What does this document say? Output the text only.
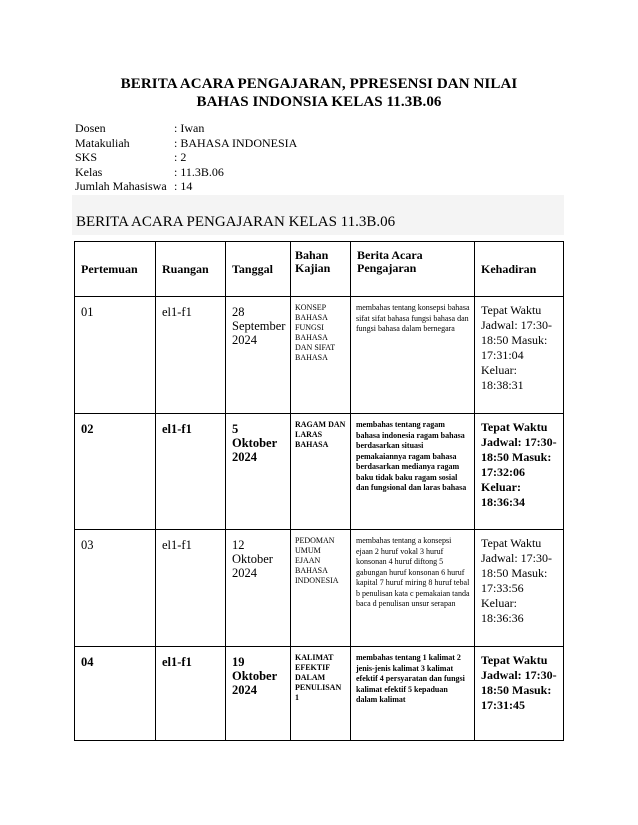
BERITA ACARA PENGAJARAN, PPRESENSI DAN NILAI
BAHAS INDONSIA KELAS 11.3B.06
Dosen	: Iwan
Matakuliah	: BAHASA INDONESIA
SKS	: 2
Kelas	: 11.3B.06
Jumlah Mahasiswa : 14
BERITA ACARA PENGAJARAN KELAS 11.3B.06
Pertemuan	Ruangan	Tanggal	Bahan Kajian	Berita Acara Pengajaran	Kehadiran
01	el1-f1	28 September 2024	KONSEP BAHASA FUNGSI BAHASA DAN SIFAT BAHASA	membahas tentang konsepsi bahasa sifat sifat bahasa fungsi bahasa dan fungsi bahasa dalam bernegara	Tepat Waktu Jadwal: 17:30-18:50 Masuk: 17:31:04 Keluar: 18:38:31
02	el1-f1	5 Oktober 2024	RAGAM DAN LARAS BAHASA	membahas tentang ragam bahasa indonesia ragam bahasa berdasarkan situasi pemakaiannya ragam bahasa berdasarkan medianya ragam baku tidak baku ragam sosial dan fungsional dan laras bahasa	Tepat Waktu Jadwal: 17:30-18:50 Masuk: 17:32:06 Keluar: 18:36:34
03	el1-f1	12 Oktober 2024	PEDOMAN UMUM EJAAN BAHASA INDONESIA	membahas tentang a konsepsi ejaan 2 huruf vokal 3 huruf konsonan 4 huruf diftong 5 gabungan huruf konsonan 6 huruf kapital 7 huruf miring 8 huruf tebal b penulisan kata c pemakaian tanda baca d penulisan unsur serapan	Tepat Waktu Jadwal: 17:30-18:50 Masuk: 17:33:56 Keluar: 18:36:36
04	el1-f1	19 Oktober 2024	KALIMAT EFEKTIF DALAM PENULISAN 1	membahas tentang 1 kalimat 2 jenis-jenis kalimat 3 kalimat efektif 4 persyaratan dan fungsi kalimat efektif 5 kepaduan dalam kalimat	Tepat Waktu Jadwal: 17:30-18:50 Masuk: 17:31:45
